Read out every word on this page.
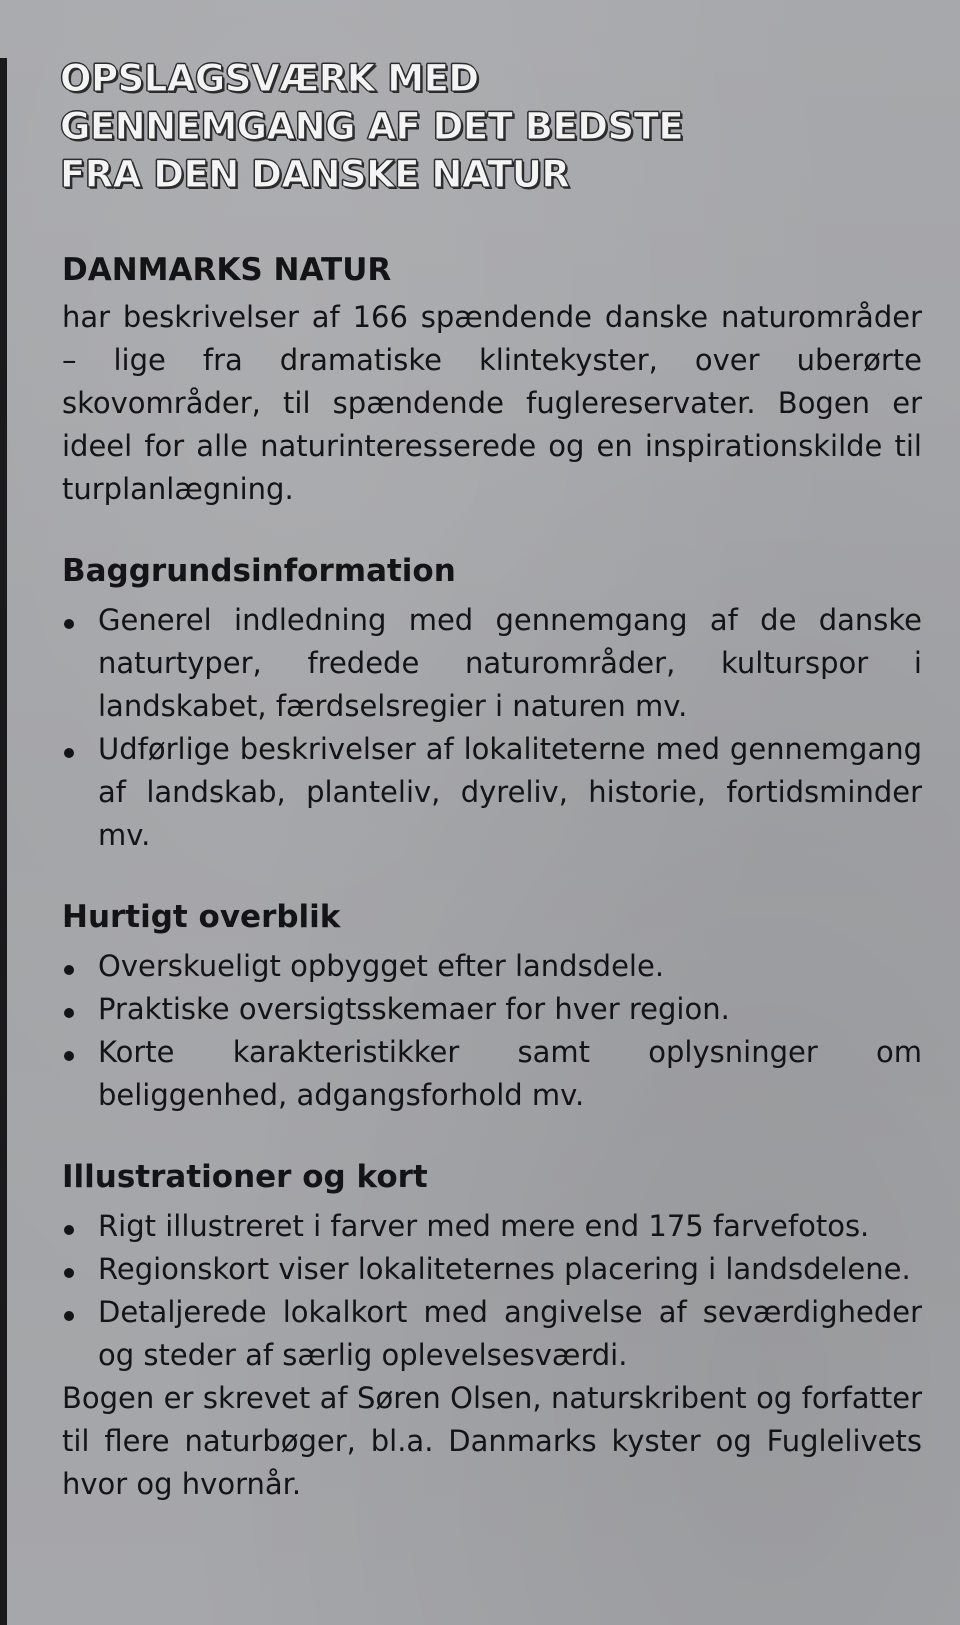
OPSLAGSVÆRK MED
GENNEMGANG AF DET BEDSTE
FRA DEN DANSKE NATUR
DANMARKS NATUR

har beskrivelser af 166 spændende danske naturområder – lige fra dramatiske klintekyster, over uberørte skovområder, til spændende fuglereservater. Bogen er ideel for alle naturinteresserede og en inspirationskilde til turplanlægning.

Baggrundsinformation
Generel indledning med gennemgang af de danske naturtyper, fredede naturområder, kulturspor i landskabet, færdselsregier i naturen mv.
Udførlige beskrivelser af lokaliteterne med gennemgang af landskab, planteliv, dyreliv, historie, fortidsminder mv.
Hurtigt overblik
Overskueligt opbygget efter landsdele.
Praktiske oversigtsskemaer for hver region.
Korte karakteristikker samt oplysninger om beliggenhed, adgangsforhold mv.
Illustrationer og kort
Rigt illustreret i farver med mere end 175 farvefotos.
Regionskort viser lokaliteternes placering i landsdelene.
Detaljerede lokalkort med angivelse af seværdigheder og steder af særlig oplevelsesværdi.

Bogen er skrevet af Søren Olsen, naturskribent og forfatter til flere naturbøger, bl.a. Danmarks kyster og Fuglelivets hvor og hvornår.
